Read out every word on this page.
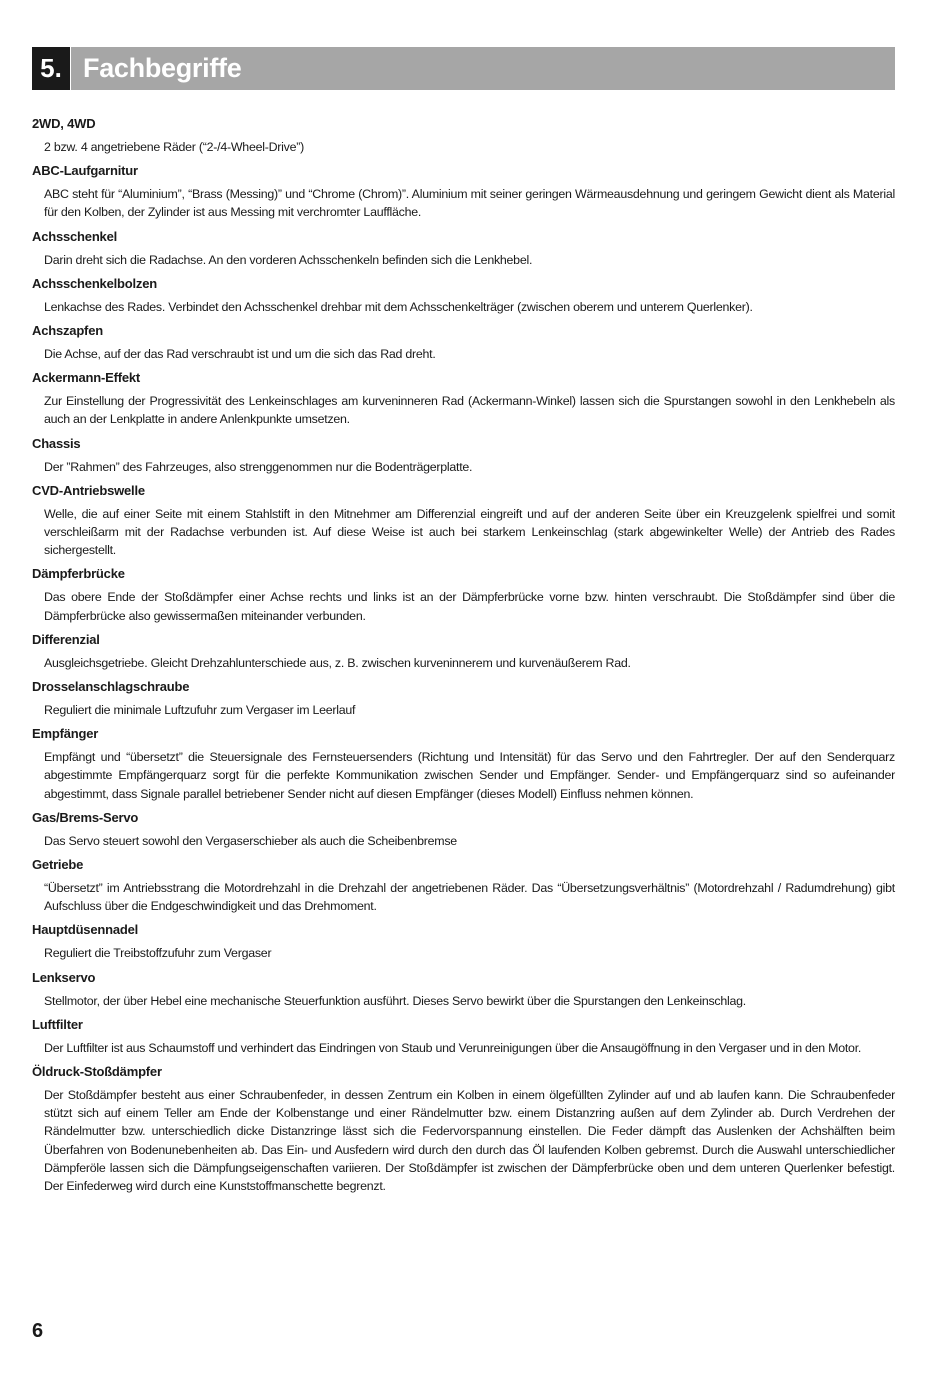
5. Fachbegriffe
2WD, 4WD
2 bzw. 4 angetriebene Räder (“2-/4-Wheel-Drive”)
ABC-Laufgarnitur
ABC steht für “Aluminium”, “Brass (Messing)” und “Chrome (Chrom)”. Aluminium mit seiner geringen Wärmeausdehnung und geringem Gewicht dient als Material für den Kolben, der Zylinder ist aus Messing mit verchromter Lauffläche.
Achsschenkel
Darin dreht sich die Radachse. An den vorderen Achsschenkeln befinden sich die Lenkhebel.
Achsschenkelbolzen
Lenkachse des Rades. Verbindet den Achsschenkel drehbar mit dem Achsschenkelträger (zwischen oberem und unterem Querlenker).
Achszapfen
Die Achse, auf der das Rad verschraubt ist und um die sich das Rad dreht.
Ackermann-Effekt
Zur Einstellung der Progressivität des Lenkeinschlages am kurveninneren Rad (Ackermann-Winkel) lassen sich die Spurstangen sowohl in den Lenkhebeln als auch an der Lenkplatte in andere Anlenkpunkte umsetzen.
Chassis
Der ”Rahmen” des Fahrzeuges, also strenggenommen nur die Bodenträgerplatte.
CVD-Antriebswelle
Welle, die auf einer Seite mit einem Stahlstift in den Mitnehmer am Differenzial eingreift und auf der anderen Seite über ein Kreuzgelenk spielfrei und somit verschleißarm mit der Radachse verbunden ist. Auf diese Weise ist auch bei starkem Lenkeinschlag (stark abgewinkelter Welle) der Antrieb des Rades sichergestellt.
Dämpferbrücke
Das obere Ende der Stoßdämpfer einer Achse rechts und links ist an der Dämpferbrücke vorne bzw. hinten verschraubt. Die Stoßdämpfer sind über die Dämpferbrücke also gewissermaßen miteinander verbunden.
Differenzial
Ausgleichsgetriebe. Gleicht Drehzahlunterschiede aus, z. B. zwischen kurveninnerem und kurvenäußerem Rad.
Drosselanschlagschraube
Reguliert die minimale Luftzufuhr zum Vergaser im Leerlauf
Empfänger
Empfängt und “übersetzt” die Steuersignale des Fernsteuersenders (Richtung und Intensität) für das Servo und den Fahrtregler. Der auf den Senderquarz abgestimmte Empfängerquarz sorgt für die perfekte Kommunikation zwischen Sender und Empfänger. Sender- und Empfängerquarz sind so aufeinander abgestimmt, dass Signale parallel betriebener Sender nicht auf diesen Empfänger (dieses Modell) Einfluss nehmen können.
Gas/Brems-Servo
Das Servo steuert sowohl den Vergaserschieber als auch die Scheibenbremse
Getriebe
“Übersetzt” im Antriebsstrang die Motordrehzahl in die Drehzahl der angetriebenen Räder. Das “Übersetzungsverhältnis” (Motordrehzahl / Radumdrehung) gibt Aufschluss über die Endgeschwindigkeit und das Drehmoment.
Hauptdüsennadel
Reguliert die Treibstoffzufuhr zum Vergaser
Lenkservo
Stellmotor, der über Hebel eine mechanische Steuerfunktion ausführt. Dieses Servo bewirkt über die Spurstangen den Lenkeinschlag.
Luftfilter
Der Luftfilter ist aus Schaumstoff und verhindert das Eindringen von Staub und Verunreinigungen über die Ansaugöffnung in den Vergaser und in den Motor.
Öldruck-Stoßdämpfer
Der Stoßdämpfer besteht aus einer Schraubenfeder, in dessen Zentrum ein Kolben in einem ölgefüllten Zylinder auf und ab laufen kann. Die Schraubenfeder stützt sich auf einem Teller am Ende der Kolbenstange und einer Rändelmutter bzw. einem Distanzring außen auf dem Zylinder ab. Durch Verdrehen der Rändelmutter bzw. unterschiedlich dicke Distanzringe lässt sich die Federvorspannung einstellen. Die Feder dämpft das Auslenken der Achshälften beim Überfahren von Bodenunebenheiten ab. Das Ein- und Ausfedern wird durch den durch das Öl laufenden Kolben gebremst. Durch die Auswahl unterschiedlicher Dämpferöle lassen sich die Dämpfungseigenschaften variieren. Der Stoßdämpfer ist zwischen der Dämpferbrücke oben und dem unteren Querlenker befestigt. Der Einfederweg wird durch eine Kunststoffmanschette begrenzt.
6
